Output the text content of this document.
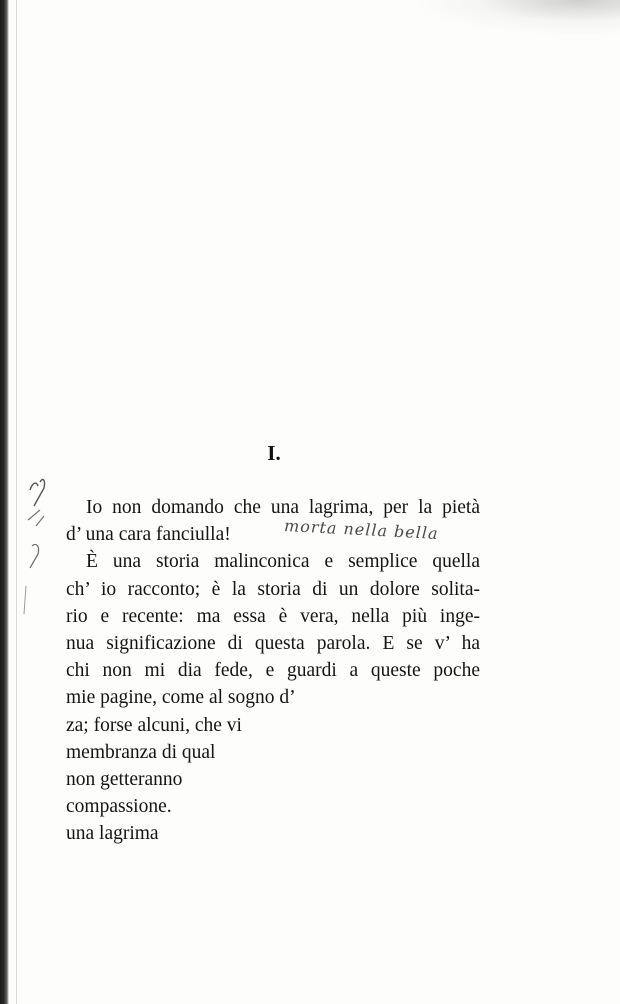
I.
Io non domando che una lagrima, per la pietà
d’ una cara fanciulla!
È una storia malinconica e semplice quella
ch’ io racconto; è la storia di un dolore solita-
rio e recente: ma essa è vera, nella più inge-
nua significazione di questa parola. E se v’ ha
chi non mi dia fede, e guardi a queste poche
mie pagine, come al sogno d’
za; forse alcuni, che vi
membranza di qual
non getteranno
compassione.
una lagrima
morta nella bella
